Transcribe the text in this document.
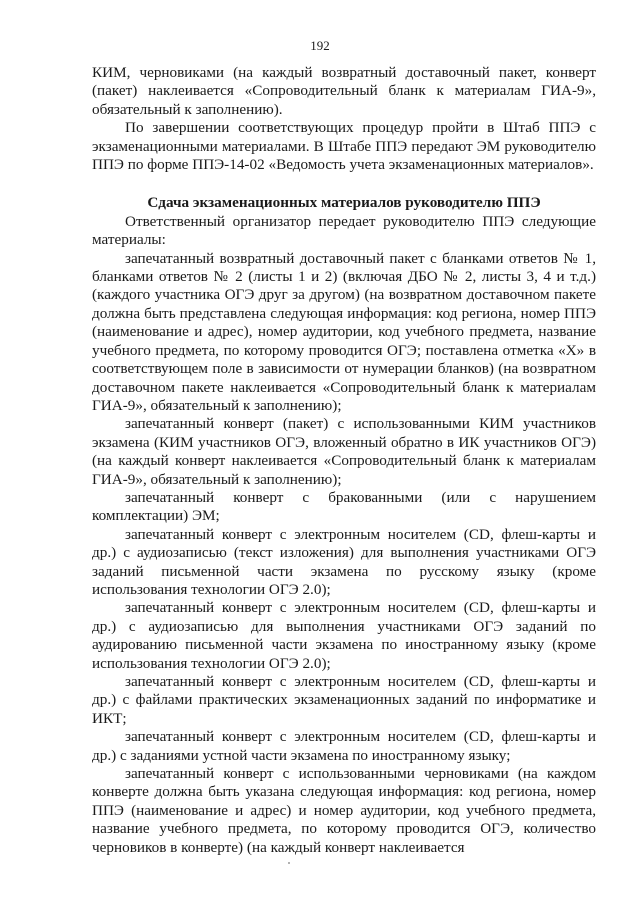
192

КИМ, черновиками (на каждый возвратный доставочный пакет, конверт (пакет) наклеивается «Сопроводительный бланк к материалам ГИА-9», обязательный к заполнению).

По завершении соответствующих процедур пройти в Штаб ППЭ с экзаменационными материалами. В Штабе ППЭ передают ЭМ руководителю ППЭ по форме ППЭ-14-02 «Ведомость учета экзаменационных материалов».

Сдача экзаменационных материалов руководителю ППЭ

Ответственный организатор передает руководителю ППЭ следующие материалы:

запечатанный возвратный доставочный пакет с бланками ответов № 1, бланками ответов № 2 (листы 1 и 2) (включая ДБО № 2, листы 3, 4 и т.д.) (каждого участника ОГЭ друг за другом) (на возвратном доставочном пакете должна быть представлена следующая информация: код региона, номер ППЭ (наименование и адрес), номер аудитории, код учебного предмета, название учебного предмета, по которому проводится ОГЭ; поставлена отметка «Х» в соответствующем поле в зависимости от нумерации бланков) (на возвратном доставочном пакете наклеивается «Сопроводительный бланк к материалам ГИА-9», обязательный к заполнению);

запечатанный конверт (пакет) с использованными КИМ участников экзамена (КИМ участников ОГЭ, вложенный обратно в ИК участников ОГЭ) (на каждый конверт наклеивается «Сопроводительный бланк к материалам ГИА-9», обязательный к заполнению);

запечатанный конверт с бракованными (или с нарушением комплектации) ЭМ;

запечатанный конверт с электронным носителем (CD, флеш-карты и др.) с аудиозаписью (текст изложения) для выполнения участниками ОГЭ заданий письменной части экзамена по русскому языку (кроме использования технологии ОГЭ 2.0);

запечатанный конверт с электронным носителем (CD, флеш-карты и др.) с аудиозаписью для выполнения участниками ОГЭ заданий по аудированию письменной части экзамена по иностранному языку (кроме использования технологии ОГЭ 2.0);

запечатанный конверт с электронным носителем (CD, флеш-карты и др.) с файлами практических экзаменационных заданий по информатике и ИКТ;

запечатанный конверт с электронным носителем (CD, флеш-карты и др.) с заданиями устной части экзамена по иностранному языку;

запечатанный конверт с использованными черновиками (на каждом конверте должна быть указана следующая информация: код региона, номер ППЭ (наименование и адрес) и номер аудитории, код учебного предмета, название учебного предмета, по которому проводится ОГЭ, количество черновиков в конверте) (на каждый конверт наклеивается
